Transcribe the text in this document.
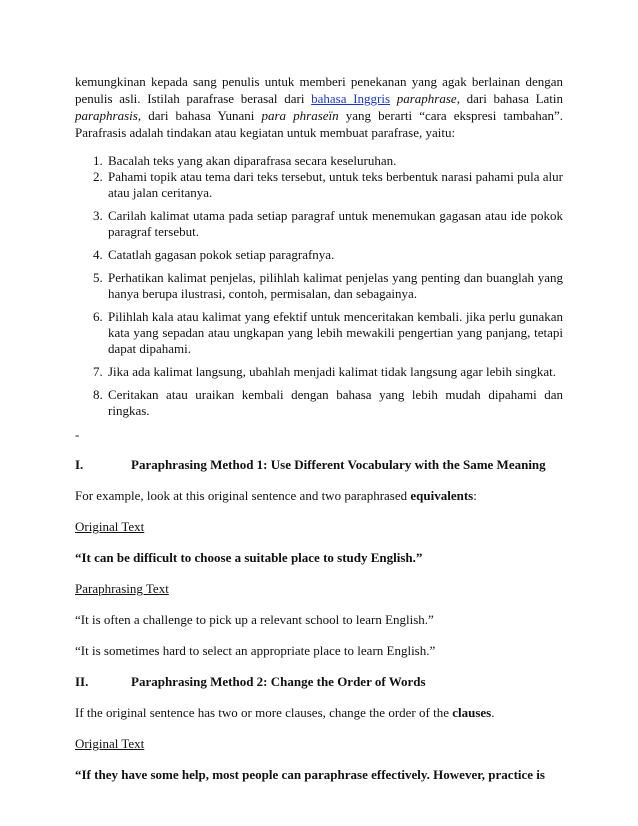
kemungkinan kepada sang penulis untuk memberi penekanan yang agak berlainan dengan penulis asli. Istilah parafrase berasal dari bahasa Inggris paraphrase, dari bahasa Latin paraphrasis, dari bahasa Yunani para phraseïn yang berarti “cara ekspresi tambahan”. Parafrasis adalah tindakan atau kegiatan untuk membuat parafrase, yaitu:

1. Bacalah teks yang akan diparafrasa secara keseluruhan.
2. Pahami topik atau tema dari teks tersebut, untuk teks berbentuk narasi pahami pula alur atau jalan ceritanya.
3. Carilah kalimat utama pada setiap paragraf untuk menemukan gagasan atau ide pokok paragraf tersebut.
4. Catatlah gagasan pokok setiap paragrafnya.
5. Perhatikan kalimat penjelas, pilihlah kalimat penjelas yang penting dan buanglah yang hanya berupa ilustrasi, contoh, permisalan, dan sebagainya.
6. Pilihlah kala atau kalimat yang efektif untuk menceritakan kembali. jika perlu gunakan kata yang sepadan atau ungkapan yang lebih mewakili pengertian yang panjang, tetapi dapat dipahami.
7. Jika ada kalimat langsung, ubahlah menjadi kalimat tidak langsung agar lebih singkat.
8. Ceritakan atau uraikan kembali dengan bahasa yang lebih mudah dipahami dan ringkas.
-
I.	Paraphrasing Method 1: Use Different Vocabulary with the Same Meaning
For example, look at this original sentence and two paraphrased equivalents:
Original Text
“It can be difficult to choose a suitable place to study English.”
Paraphrasing Text
“It is often a challenge to pick up a relevant school to learn English.”
“It is sometimes hard to select an appropriate place to learn English.”
II.	Paraphrasing Method 2: Change the Order of Words
If the original sentence has two or more clauses, change the order of the clauses.
Original Text
“If they have some help, most people can paraphrase effectively. However, practice is
